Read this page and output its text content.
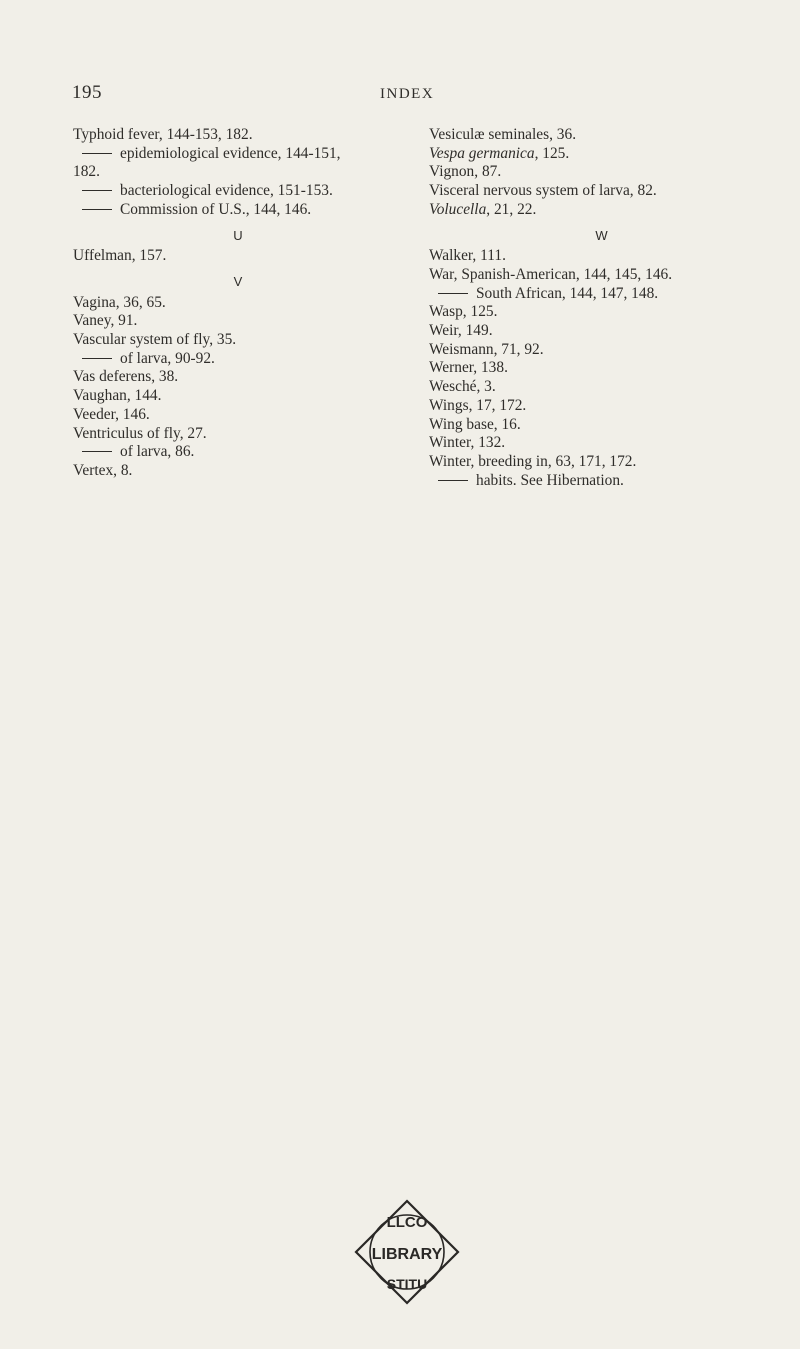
195	INDEX
Typhoid fever, 144-153, 182.
epidemiological evidence, 144-151,
182.
bacteriological evidence, 151-153.
Commission of U.S., 144, 146.
U
Uffelman, 157.
V
Vagina, 36, 65.
Vaney, 91.
Vascular system of fly, 35.
of larva, 90-92.
Vas deferens, 38.
Vaughan, 144.
Veeder, 146.
Ventriculus of fly, 27.
of larva, 86.
Vertex, 8.
Vesiculæ seminales, 36.
Vespa germanica, 125.
Vignon, 87.
Visceral nervous system of larva, 82.
Volucella, 21, 22.
W
Walker, 111.
War, Spanish-American, 144, 145, 146.
South African, 144, 147, 148.
Wasp, 125.
Weir, 149.
Weismann, 71, 92.
Werner, 138.
Wesché, 3.
Wings, 17, 172.
Wing base, 16.
Winter, 132.
Winter, breeding in, 63, 171, 172.
habits. See Hibernation.
LLCO
LIBRARY
STITU
